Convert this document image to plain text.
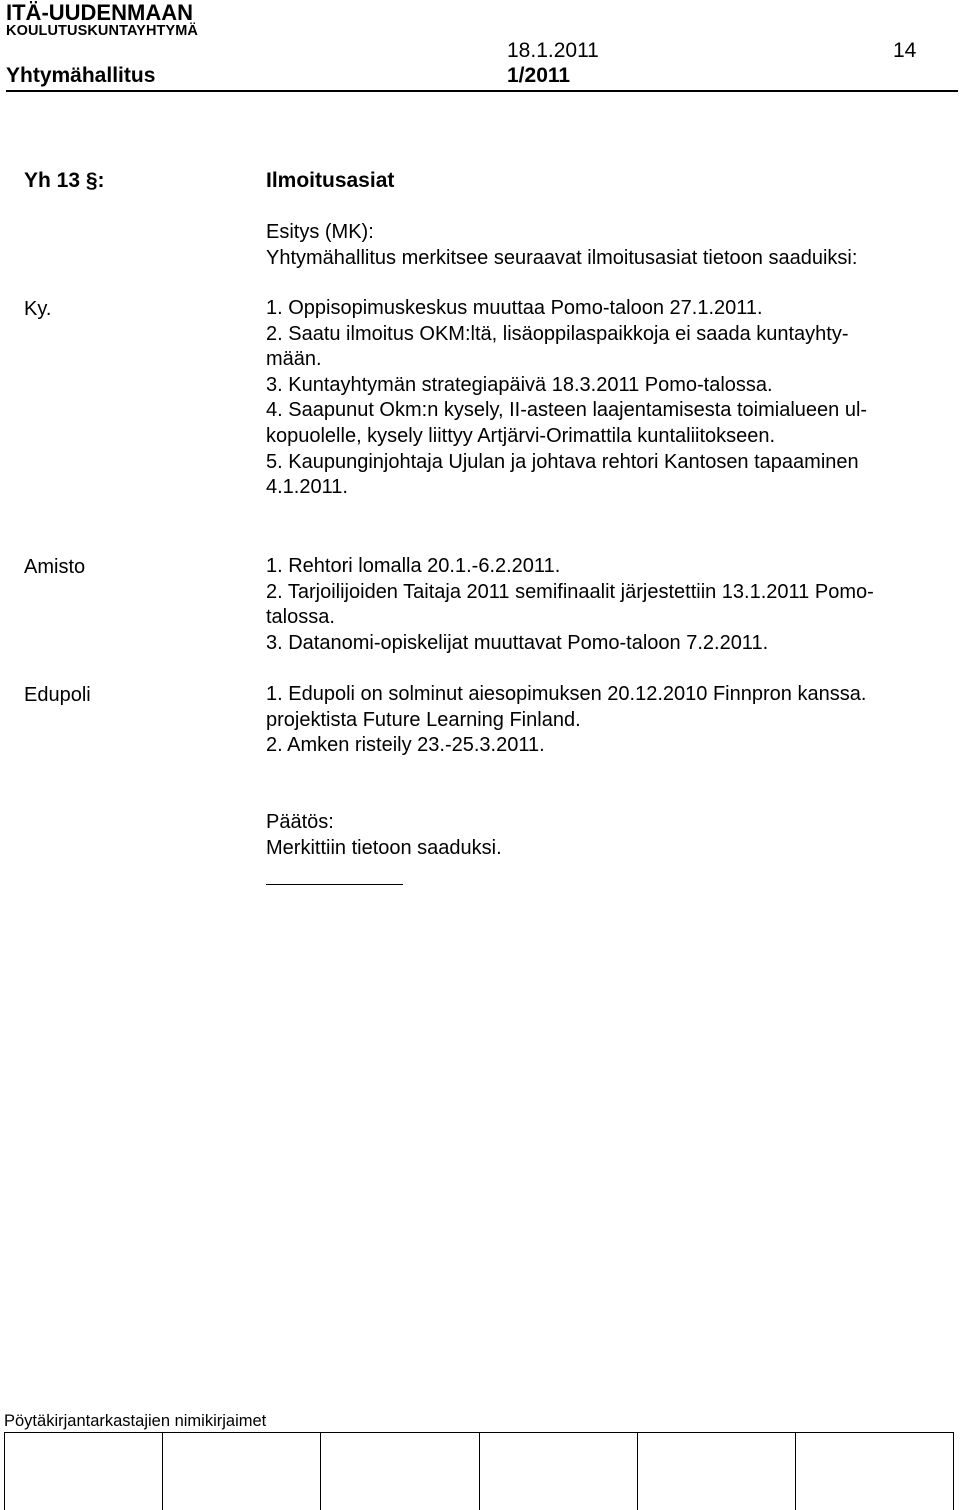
ITÄ-UUDENMAAN
KOULUTUSKUNTAYHTYMÄ
18.1.2011	14
Yhtymähallitus	1/2011
Yh 13 §:	Ilmoitusasiat

Esitys (MK):

Yhtymähallitus merkitsee seuraavat ilmoitusasiat tietoon saaduiksi:

Ky.	1. Oppisopimuskeskus muuttaa Pomo-taloon 27.1.2011.

2. Saatu ilmoitus OKM:ltä, lisäoppilaspaikkoja ei saada kuntayhty-

mään.

3. Kuntayhtymän strategiapäivä 18.3.2011 Pomo-talossa.

4. Saapunut Okm:n kysely, II-asteen laajentamisesta toimialueen ul-

kopuolelle, kysely liittyy Artjärvi-Orimattila kuntaliitokseen.

5. Kaupunginjohtaja Ujulan ja johtava rehtori Kantosen tapaaminen

4.1.2011.

Amisto	1. Rehtori lomalla 20.1.-6.2.2011.

2. Tarjoilijoiden Taitaja 2011 semifinaalit järjestettiin 13.1.2011 Pomo-

talossa.

3. Datanomi-opiskelijat muuttavat Pomo-taloon 7.2.2011.

Edupoli	1. Edupoli on solminut aiesopimuksen 20.12.2010 Finnpron kanssa.

projektista Future Learning Finland.

2. Amken risteily 23.-25.3.2011.

Päätös:

Merkittiin tietoon saaduksi.

Pöytäkirjantarkastajien nimikirjaimet
